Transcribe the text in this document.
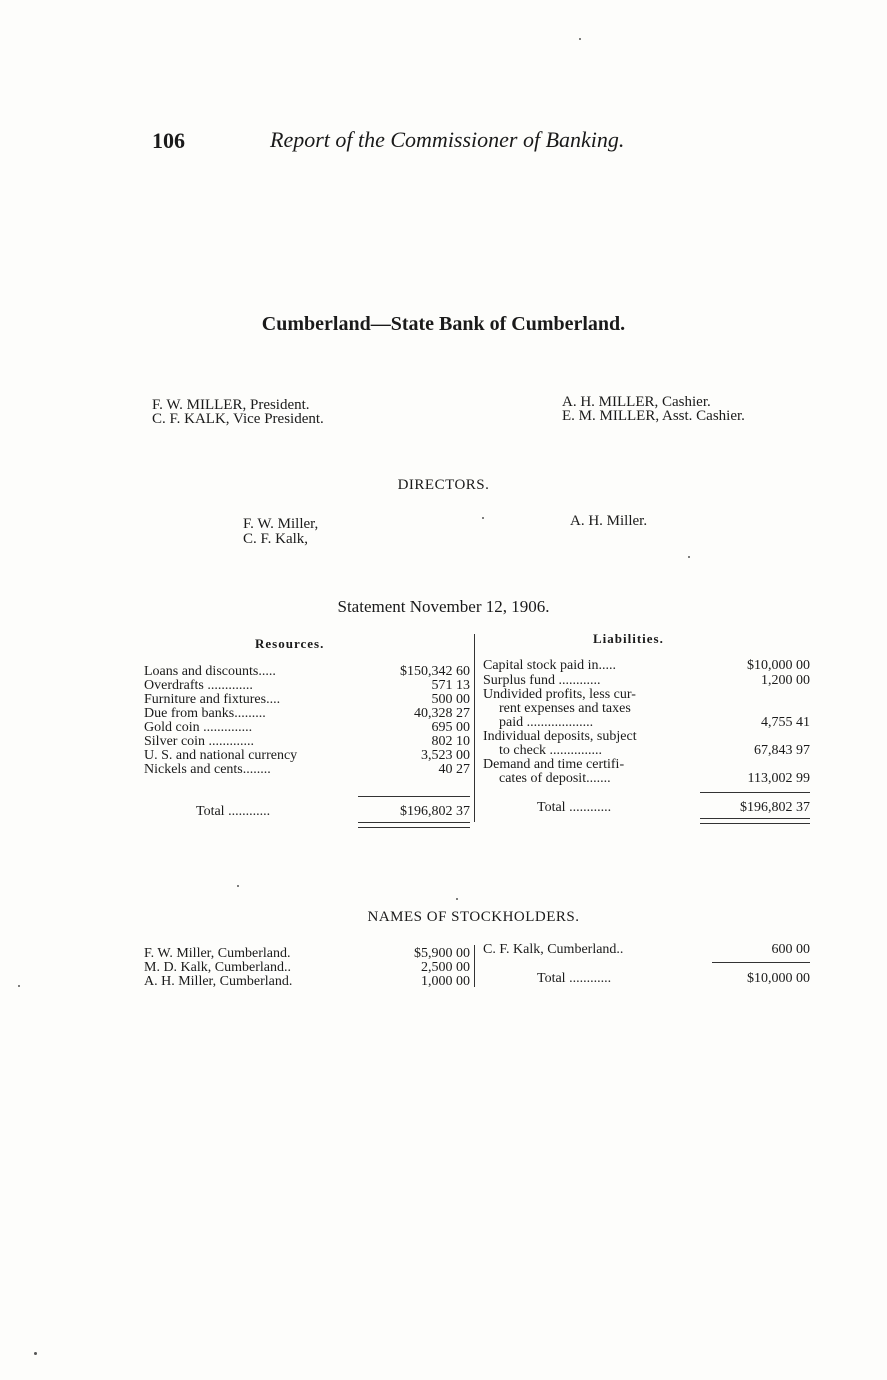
106	Report of the Commissioner of Banking.
Cumberland—State Bank of Cumberland.
F. W. MILLER, President.
C. F. KALK, Vice President.
A. H. MILLER, Cashier.
E. M. MILLER, Asst. Cashier.
DIRECTORS.
F. W. Miller,
C. F. Kalk,
A. H. Miller.
Statement November 12, 1906.
Resources.	Liabilities.
Loans and discounts.....	$150,342 60
Overdrafts .............	571 13
Furniture and fixtures....	500 00
Due from banks.........	40,328 27
Gold coin ..............	695 00
Silver coin .............	802 10
U. S. and national currency	3,523 00
Nickels and cents........	40 27
Total ............	$196,802 37
Capital stock paid in.....	$10,000 00
Surplus fund ............	1,200 00
Undivided profits, less cur-
rent expenses and taxes
paid ...................	4,755 41
Individual deposits, subject
to check ...............	67,843 97
Demand and time certifi-
cates of deposit.......	113,002 99
Total ............	$196,802 37
NAMES OF STOCKHOLDERS.
F. W. Miller, Cumberland.	$5,900 00
M. D. Kalk, Cumberland..	2,500 00
A. H. Miller, Cumberland.	1,000 00
C. F. Kalk, Cumberland..	600 00
Total ............	$10,000 00
